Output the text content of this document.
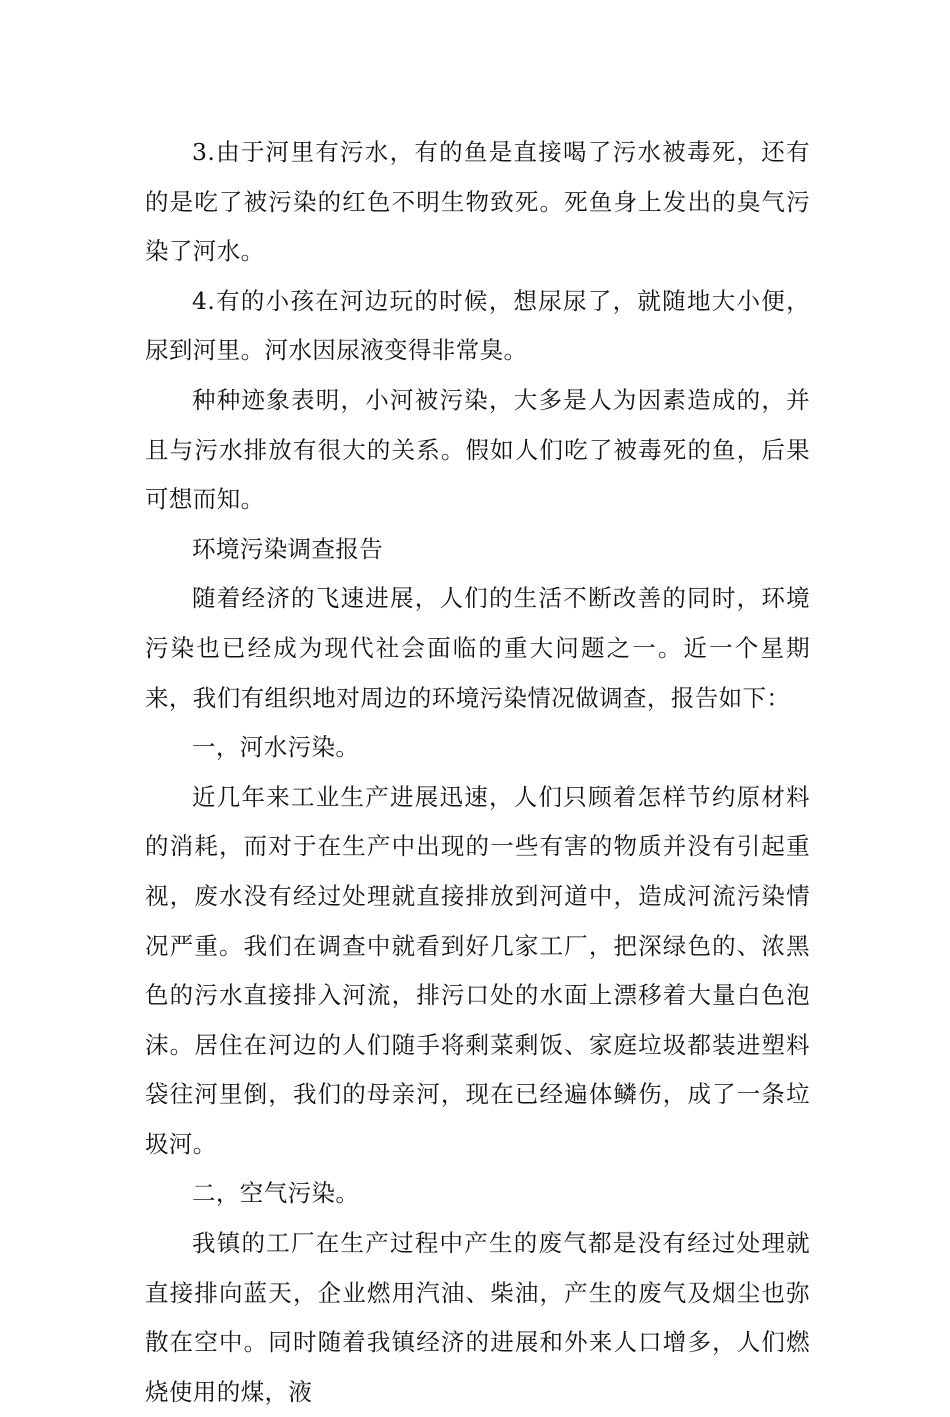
3.由于河里有污水，有的鱼是直接喝了污水被毒死，还有的是吃了被污染的红色不明生物致死。死鱼身上发出的臭气污染了河水。

4.有的小孩在河边玩的时候，想尿尿了，就随地大小便，尿到河里。河水因尿液变得非常臭。

种种迹象表明，小河被污染，大多是人为因素造成的，并且与污水排放有很大的关系。假如人们吃了被毒死的鱼，后果可想而知。

环境污染调查报告

随着经济的飞速进展，人们的生活不断改善的同时，环境污染也已经成为现代社会面临的重大问题之一。近一个星期来，我们有组织地对周边的环境污染情况做调查，报告如下：

一，河水污染。

近几年来工业生产进展迅速，人们只顾着怎样节约原材料的消耗，而对于在生产中出现的一些有害的物质并没有引起重视，废水没有经过处理就直接排放到河道中，造成河流污染情况严重。我们在调查中就看到好几家工厂，把深绿色的、浓黑色的污水直接排入河流，排污口处的水面上漂移着大量白色泡沫。居住在河边的人们随手将剩菜剩饭、家庭垃圾都装进塑料袋往河里倒，我们的母亲河，现在已经遍体鳞伤，成了一条垃圾河。

二，空气污染。

我镇的工厂在生产过程中产生的废气都是没有经过处理就直接排向蓝天，企业燃用汽油、柴油，产生的废气及烟尘也弥散在空中。同时随着我镇经济的进展和外来人口增多，人们燃烧使用的煤，液
